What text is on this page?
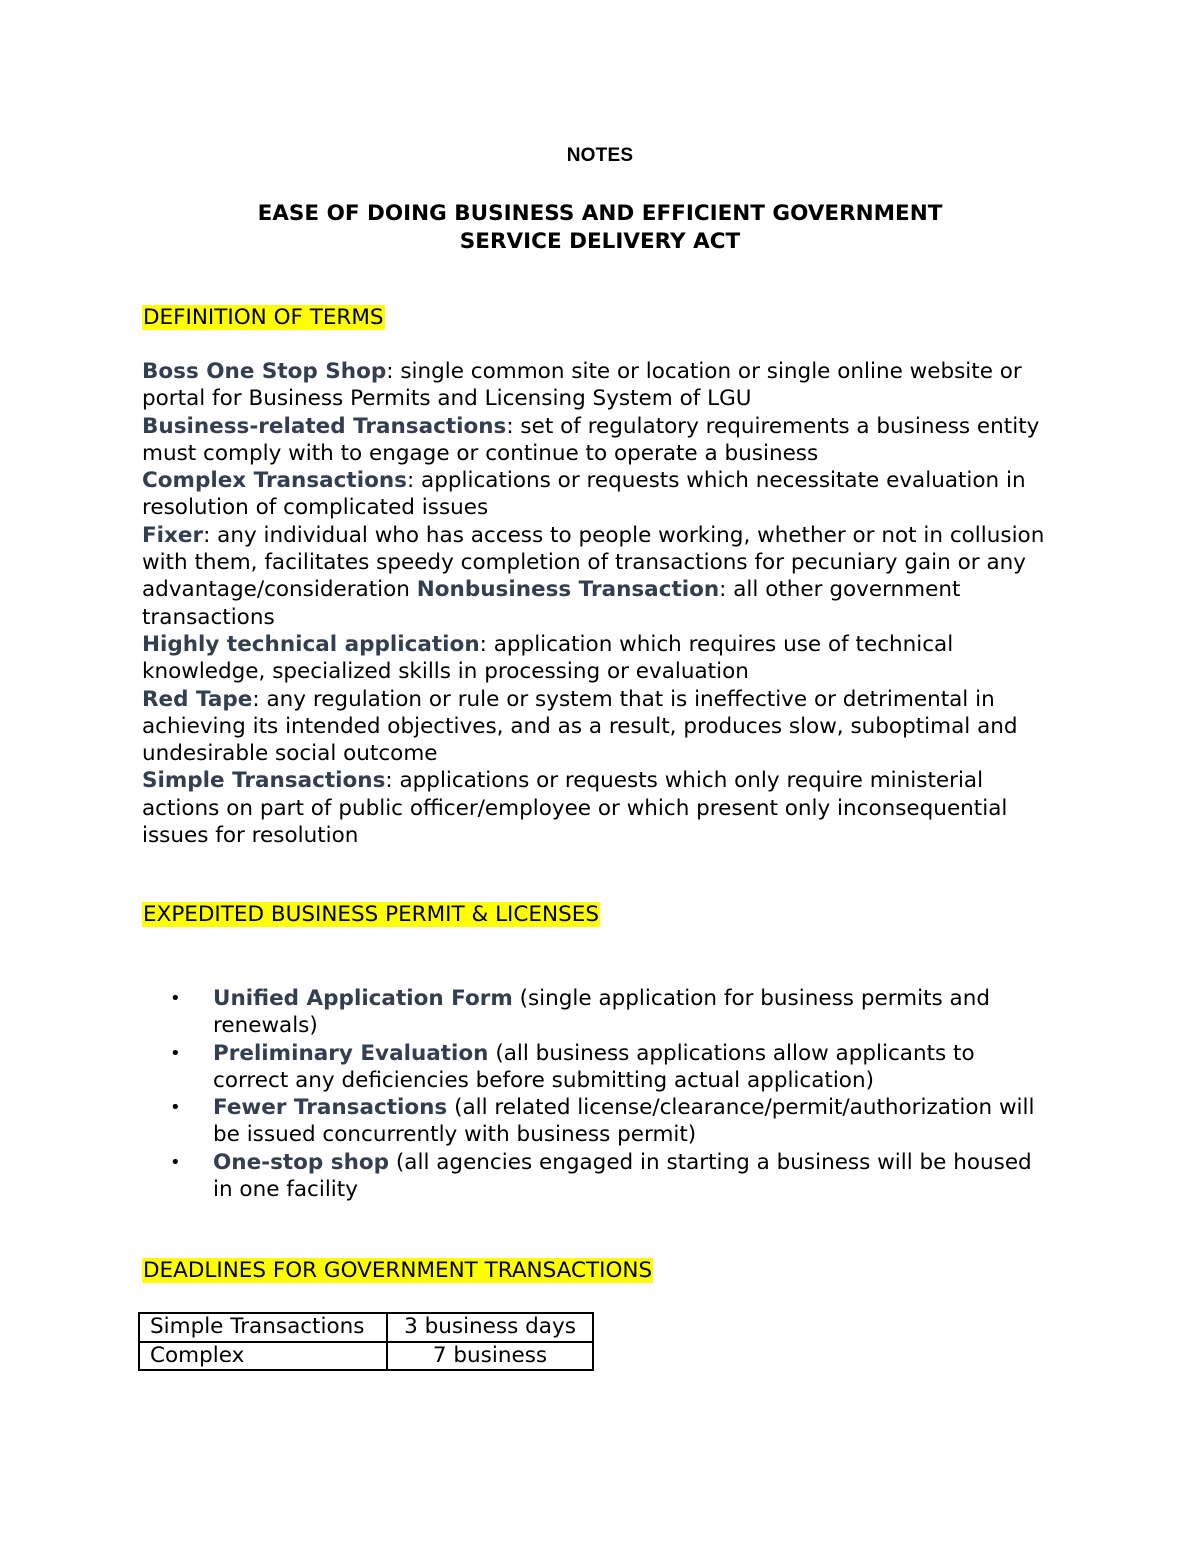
NOTES
EASE OF DOING BUSINESS AND EFFICIENT GOVERNMENT
SERVICE DELIVERY ACT
DEFINITION OF TERMS

Boss One Stop Shop: single common site or location or single online website or portal for Business Permits and Licensing System of LGU

Business-related Transactions: set of regulatory requirements a business entity must comply with to engage or continue to operate a business

Complex Transactions: applications or requests which necessitate evaluation in resolution of complicated issues

Fixer: any individual who has access to people working, whether or not in collusion with them, facilitates speedy completion of transactions for pecuniary gain or any advantage/consideration Nonbusiness Transaction: all other government transactions

Highly technical application: application which requires use of technical knowledge, specialized skills in processing or evaluation

Red Tape: any regulation or rule or system that is ineffective or detrimental in achieving its intended objectives, and as a result, produces slow, suboptimal and undesirable social outcome

Simple Transactions: applications or requests which only require ministerial actions on part of public officer/employee or which present only inconsequential issues for resolution

EXPEDITED BUSINESS PERMIT & LICENSES
• Unified Application Form (single application for business permits and renewals)
• Preliminary Evaluation (all business applications allow applicants to correct any deficiencies before submitting actual application)
• Fewer Transactions (all related license/clearance/permit/authorization will be issued concurrently with business permit)
• One-stop shop (all agencies engaged in starting a business will be housed in one facility
DEADLINES FOR GOVERNMENT TRANSACTIONS
Simple Transactions	3 business days
Complex	7 business
